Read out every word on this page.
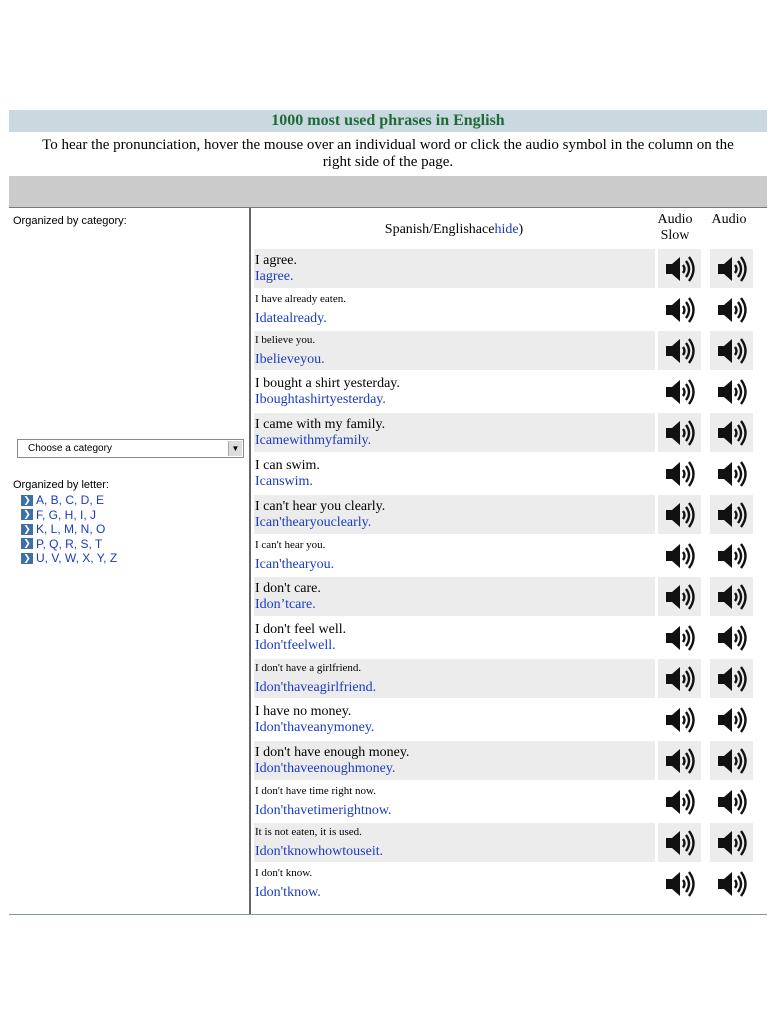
1000 most used phrases in English
To hear the pronunciation, hover the mouse over an individual word or click the audio symbol in the column on the right side of the page.
Organized by category:
Choose a category	▼
Organized by letter:
❯ A, B, C, D, E
❯ F, G, H, I, J
❯ K, L, M, N, O
❯ P, Q, R, S, T
❯ U, V, W, X, Y, Z
Spanish/Englishacehide)
Audio Slow
Audio
I agree.
Iagree.
I have already eaten.
Idatealready.
I believe you.
Ibelieveyou.
I bought a shirt yesterday.
Iboughtashirtyesterday.
I came with my family.
Icamewithmyfamily.
I can swim.
Icanswim.
I can't hear you clearly.
Ican'thearyouclearly.
I can't hear you.
Ican'thearyou.
I don't care.
Idon’tcare.
I don't feel well.
Idon'tfeelwell.
I don't have a girlfriend.
Idon'thaveagirlfriend.
I have no money.
Idon'thaveanymoney.
I don't have enough money.
Idon'thaveenoughmoney.
I don't have time right now.
Idon'thavetimerightnow.
It is not eaten, it is used.
Idon'tknowhowtouseit.
I don't know.
Idon'tknow.
